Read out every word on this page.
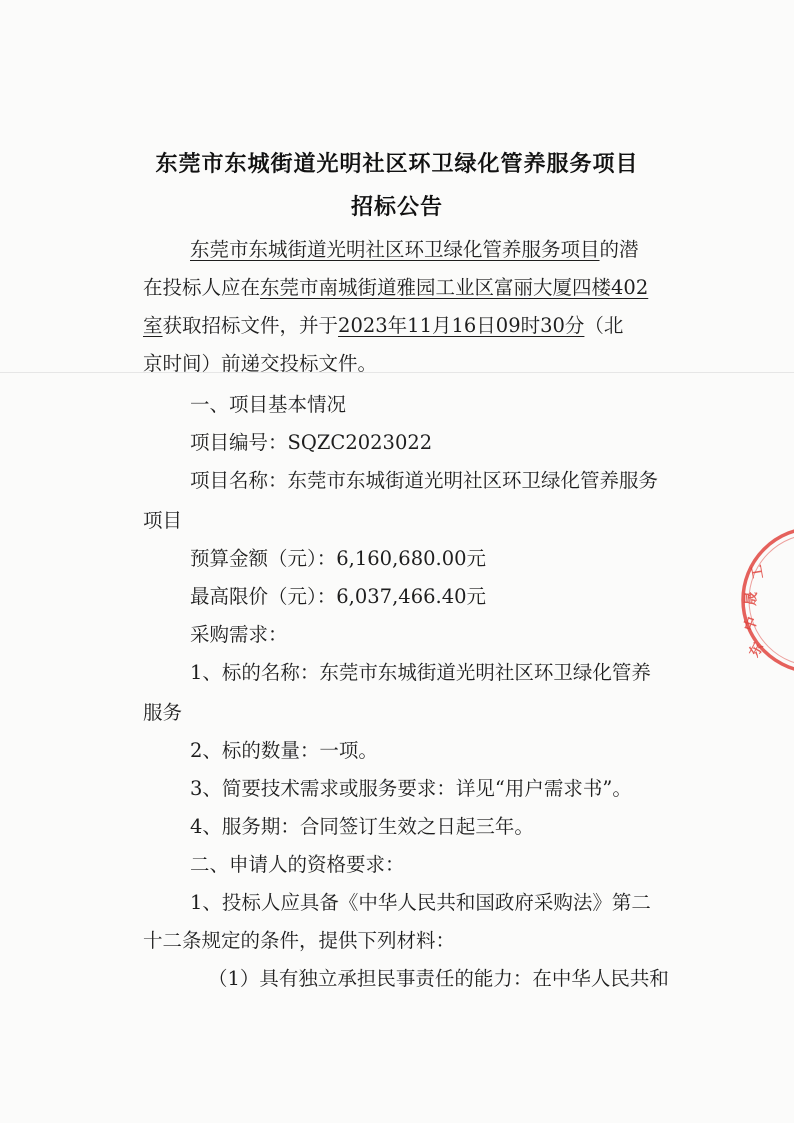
东莞市东城街道光明社区环卫绿化管养服务项目
招标公告
东莞市东城街道光明社区环卫绿化管养服务项目的潜
在投标人应在东莞市南城街道雅园工业区富丽大厦四楼402
室获取招标文件，并于2023年11月16日09时30分（北
京时间）前递交投标文件。
一、项目基本情况
项目编号：SQZC2023022
项目名称：东莞市东城街道光明社区环卫绿化管养服务
项目
预算金额（元）：6,160,680.00元
最高限价（元）：6,037,466.40元
采购需求：
1、标的名称：东莞市东城街道光明社区环卫绿化管养
服务
2、标的数量：一项。
3、简要技术需求或服务要求：详见“用户需求书”。
4、服务期：合同签订生效之日起三年。
二、申请人的资格要求：
1、投标人应具备《中华人民共和国政府采购法》第二
十二条规定的条件，提供下列材料：
（1）具有独立承担民事责任的能力：在中华人民共和
东
中
晟
工
